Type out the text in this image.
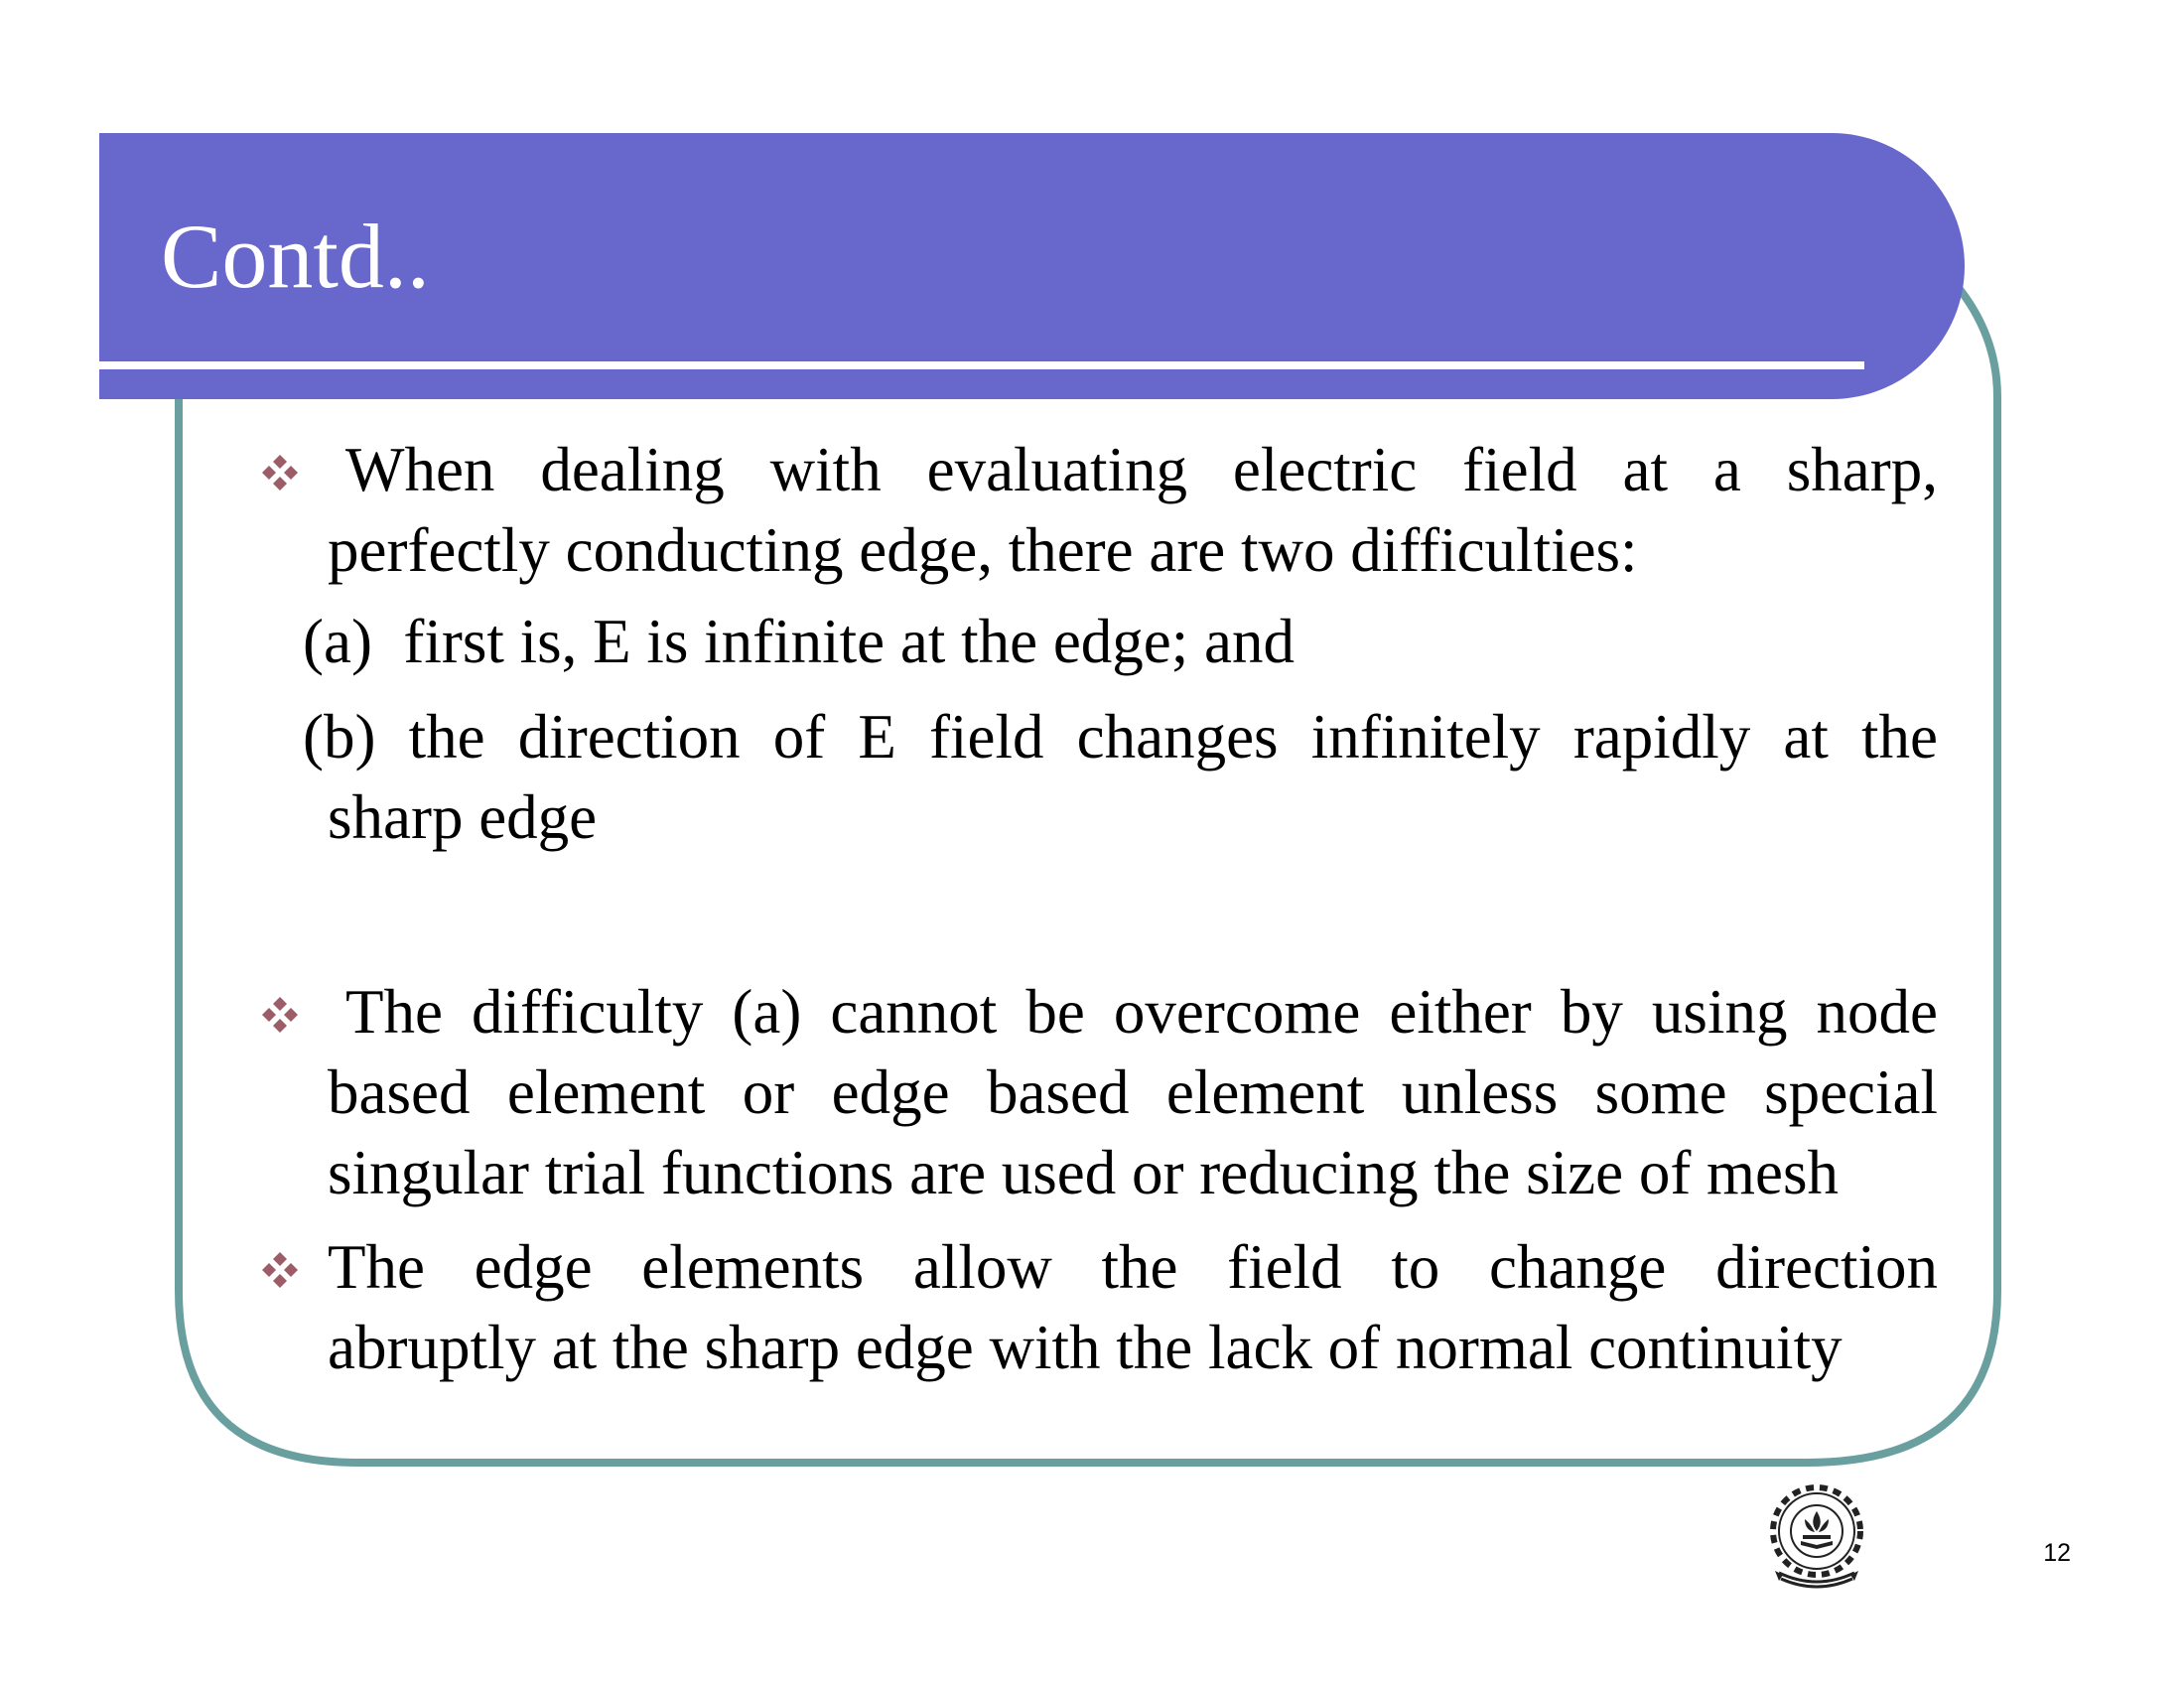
Contd..
When dealing with evaluating electric field at a sharp,
perfectly conducting edge, there are two difficulties:
(a) first is, E is infinite at the edge; and
(b) the direction of E field changes infinitely rapidly at the
sharp edge
The difficulty (a) cannot be overcome either by using node
based element or edge based element unless some special
singular trial functions are used or reducing the size of mesh
The edge elements allow the field to change direction
abruptly at the sharp edge with the lack of normal continuity
12
